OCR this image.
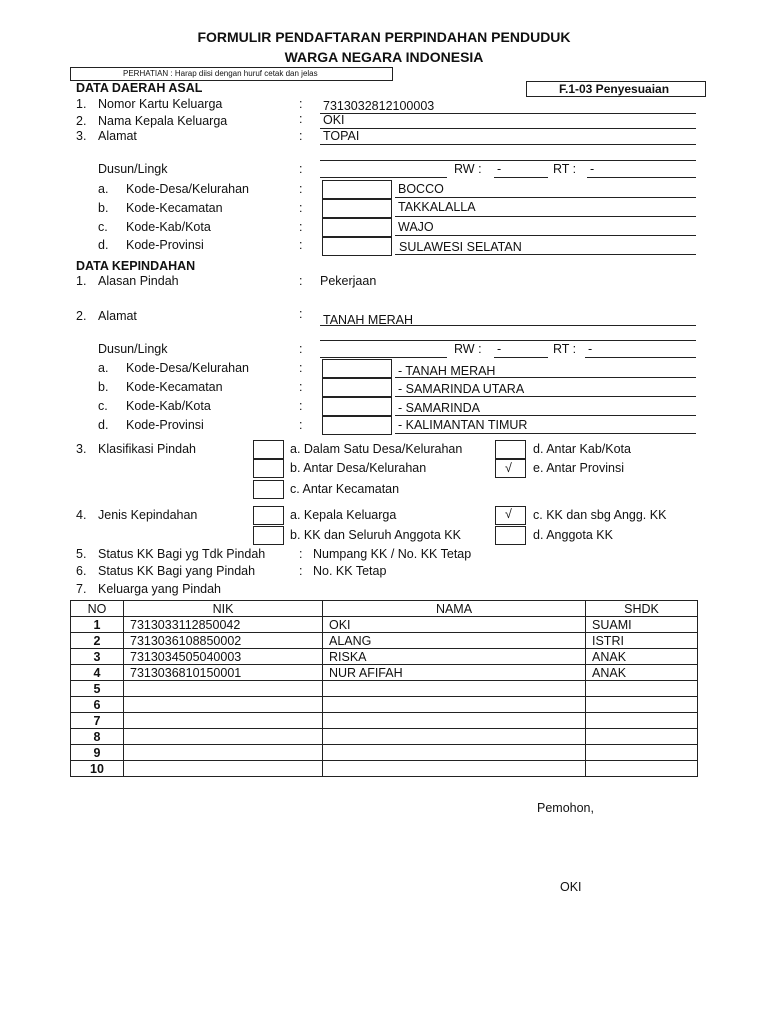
FORMULIR PENDAFTARAN PERPINDAHAN PENDUDUK
WARGA NEGARA INDONESIA
PERHATIAN : Harap diisi dengan huruf cetak dan jelas
F.1-03 Penyesuaian
DATA DAERAH ASAL
1. Nomor Kartu Keluarga	: 7313032812100003
2. Nama Kepala Keluarga	: OKI
3. Alamat	: TOPAI
Dusun/Lingk	:	RW : -	RT : -
a. Kode-Desa/Kelurahan	:	BOCCO
b. Kode-Kecamatan	:	TAKKALALLA
c. Kode-Kab/Kota	:	WAJO
d. Kode-Provinsi	:	SULAWESI SELATAN
DATA KEPINDAHAN
1. Alasan Pindah	: Pekerjaan
2. Alamat	: TANAH MERAH
Dusun/Lingk	:	RW : -	RT : -
a. Kode-Desa/Kelurahan	:	- TANAH MERAH
b. Kode-Kecamatan	:	- SAMARINDA UTARA
c. Kode-Kab/Kota	:	- SAMARINDA
d. Kode-Provinsi	:	- KALIMANTAN TIMUR
3. Klasifikasi Pindah	a. Dalam Satu Desa/Kelurahan	d. Antar Kab/Kota
b. Antar Desa/Kelurahan	√ e. Antar Provinsi
c. Antar Kecamatan
4. Jenis Kepindahan	a. Kepala Keluarga	√ c. KK dan sbg Angg. KK
b. KK dan Seluruh Anggota KK	d. Anggota KK
5. Status KK Bagi yg Tdk Pindah	: Numpang KK / No. KK Tetap
6. Status KK Bagi yang Pindah	: No. KK Tetap
7. Keluarga yang Pindah
NO	NIK	NAMA	SHDK
1	7313033112850042	OKI	SUAMI
2	7313036108850002	ALANG	ISTRI
3	7313034505040003	RISKA	ANAK
4	7313036810150001	NUR AFIFAH	ANAK
5			
6			
7			
8			
9			
10			
Pemohon,
OKI
